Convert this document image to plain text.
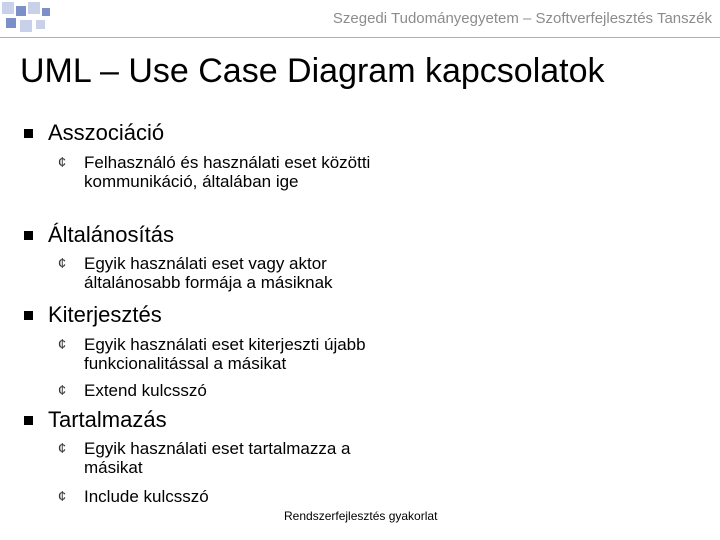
Szegedi Tudományegyetem – Szoftverfejlesztés Tanszék
UML – Use Case Diagram kapcsolatok
Asszociáció
¢ Felhasználó és használati eset közötti kommunikáció, általában ige
Általánosítás
¢ Egyik használati eset vagy aktor általánosabb formája a másiknak
Kiterjesztés
¢ Egyik használati eset kiterjeszti újabb funkcionalitással a másikat
¢ Extend kulcsszó
Tartalmazás
¢ Egyik használati eset tartalmazza a másikat
¢ Include kulcsszó
Rendszerfejlesztés gyakorlat
